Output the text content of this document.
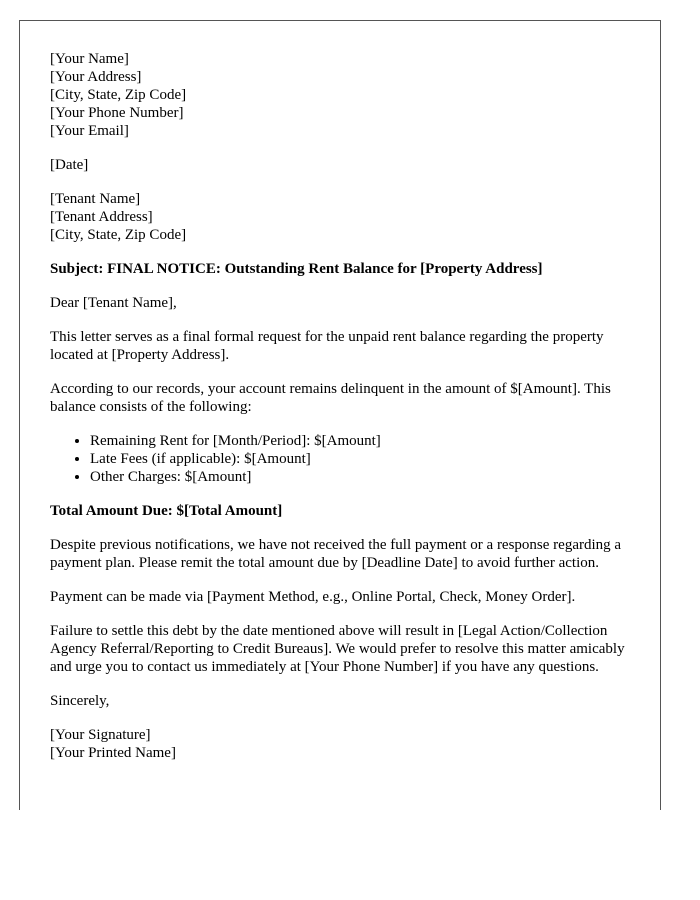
[Your Name]
[Your Address]
[City, State, Zip Code]
[Your Phone Number]
[Your Email]
[Date]
[Tenant Name]
[Tenant Address]
[City, State, Zip Code]

Subject: FINAL NOTICE: Outstanding Rent Balance for [Property Address]

Dear [Tenant Name],

This letter serves as a final formal request for the unpaid rent balance regarding the property located at [Property Address].

According to our records, your account remains delinquent in the amount of $[Amount]. This balance consists of the following:

• Remaining Rent for [Month/Period]: $[Amount]
• Late Fees (if applicable): $[Amount]
• Other Charges: $[Amount]

Total Amount Due: $[Total Amount]

Despite previous notifications, we have not received the full payment or a response regarding a payment plan. Please remit the total amount due by [Deadline Date] to avoid further action.

Payment can be made via [Payment Method, e.g., Online Portal, Check, Money Order].

Failure to settle this debt by the date mentioned above will result in [Legal Action/Collection Agency Referral/Reporting to Credit Bureaus]. We would prefer to resolve this matter amicably and urge you to contact us immediately at [Your Phone Number] if you have any questions.

Sincerely,

[Your Signature]
[Your Printed Name]
